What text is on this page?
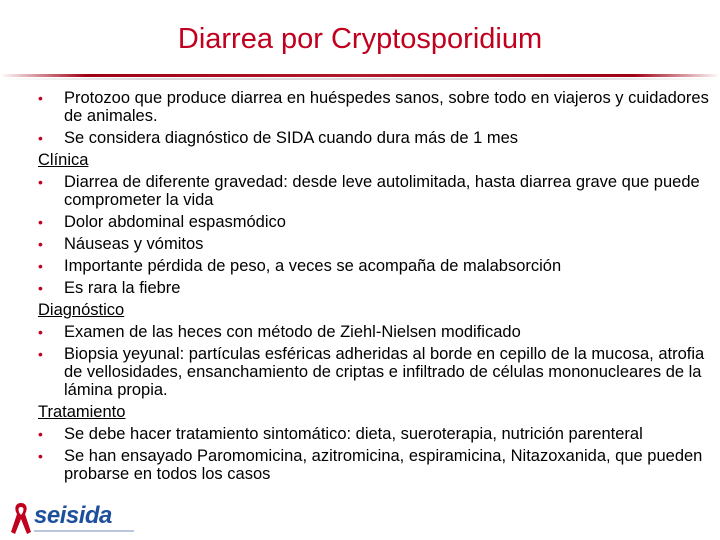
Diarrea por Cryptosporidium
• Protozoo que produce diarrea en huéspedes sanos, sobre todo en viajeros y cuidadores de animales.
• Se considera diagnóstico de SIDA cuando dura más de 1 mes
Clínica
• Diarrea de diferente gravedad: desde leve autolimitada, hasta diarrea grave que puede comprometer la vida
• Dolor abdominal espasmódico
• Náuseas y vómitos
• Importante pérdida de peso, a veces se acompaña de malabsorción
• Es rara la fiebre
Diagnóstico
• Examen de las heces con método de Ziehl-Nielsen modificado
• Biopsia yeyunal: partículas esféricas adheridas al borde en cepillo de la mucosa, atrofia de vellosidades, ensanchamiento de criptas e infiltrado de células mononucleares de la lámina propia.
Tratamiento
• Se debe hacer tratamiento sintomático: dieta, sueroterapia, nutrición parenteral
• Se han ensayado Paromomicina, azitromicina, espiramicina, Nitazoxanida, que pueden probarse en todos los casos
seisida
